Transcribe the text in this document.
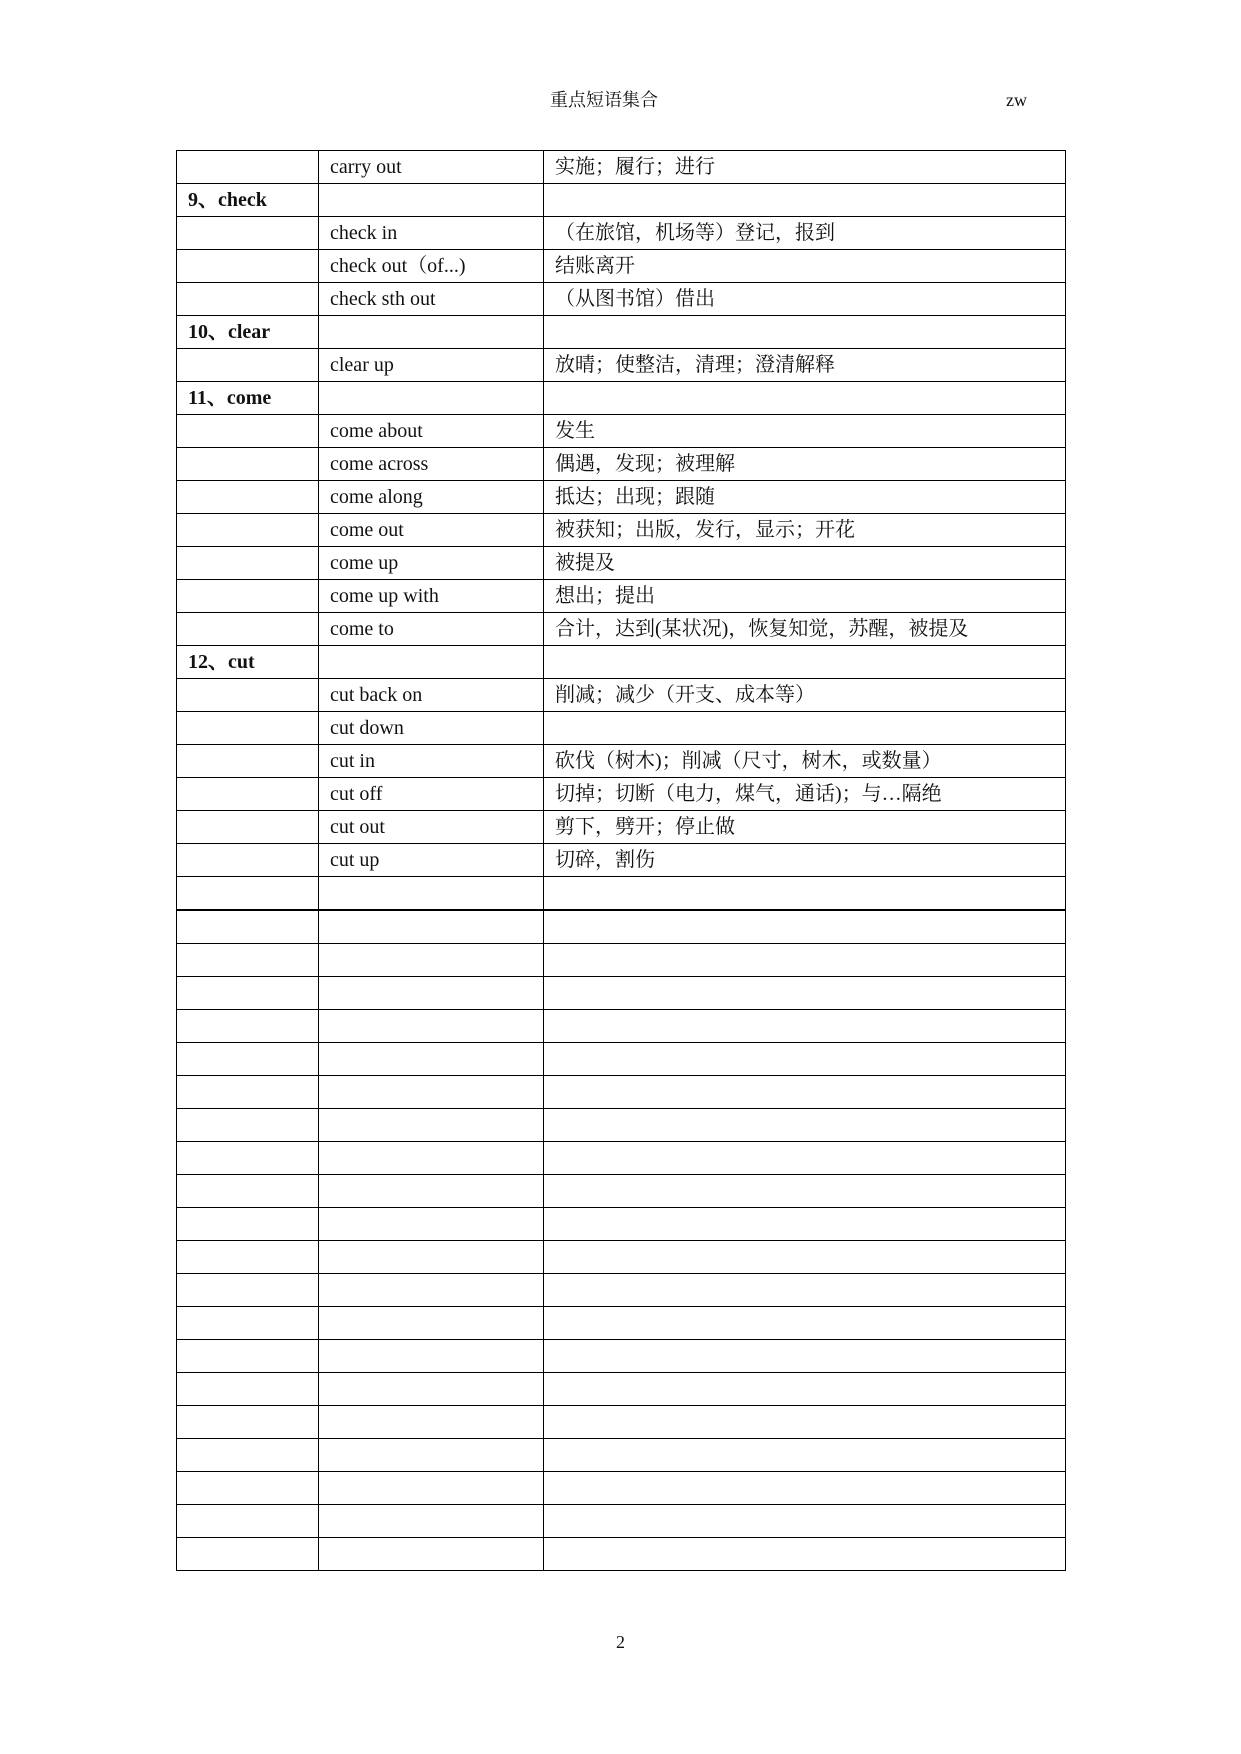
重点短语集合	zw
	carry out	实施；履行；进行
9、check		
	check in	（在旅馆，机场等）登记，报到
	check out（of...)	结账离开
	check sth out	（从图书馆）借出
10、clear		
	clear up	放晴；使整洁，清理；澄清解释
11、come		
	come about	发生
	come across	偶遇，发现；被理解
	come along	抵达；出现；跟随
	come out	被获知；出版，发行，显示；开花
	come up	被提及
	come up with	想出；提出
	come to	合计，达到(某状况)，恢复知觉，苏醒，被提及
12、cut		
	cut back on	削减；减少（开支、成本等）
	cut down	
	cut in	砍伐（树木)；削减（尺寸，树木，或数量）
	cut off	切掉；切断（电力，煤气，通话)；与…隔绝
	cut out	剪下，劈开；停止做
	cut up	切碎，割伤

2
